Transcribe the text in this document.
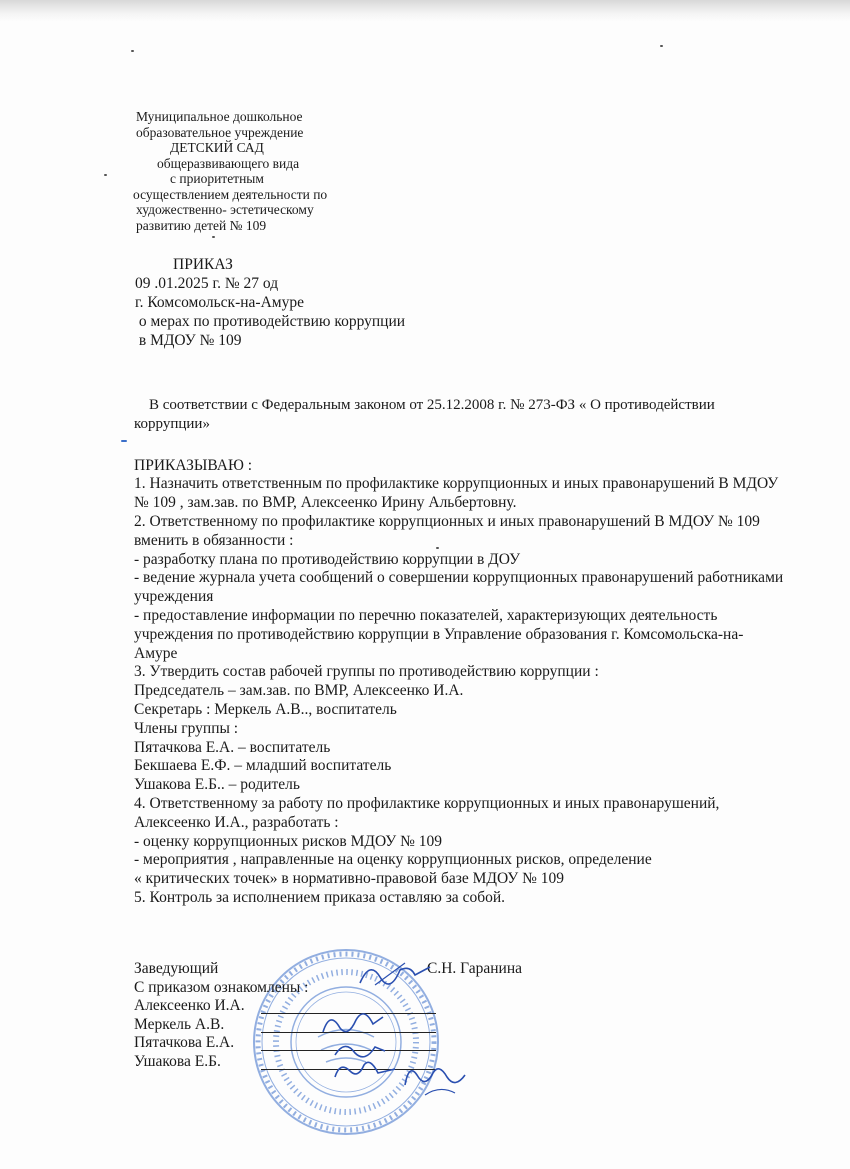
Муниципальное дошкольное
образовательное учреждение
ДЕТСКИЙ САД
общеразвивающего вида
с приоритетным
осуществлением деятельности по
художественно- эстетическому
развитию детей № 109
ПРИКАЗ
09 .01.2025 г. № 27 од
г. Комсомольск-на-Амуре
о мерах по противодействию коррупции
в МДОУ № 109

В соответствии с Федеральным законом от 25.12.2008 г. № 273-ФЗ « О противодействии коррупции»

ПРИКАЗЫВАЮ :

1. Назначить ответственным по профилактике коррупционных и иных правонарушений В МДОУ № 109 , зам.зав. по ВМР, Алексеенко Ирину Альбертовну.

2. Ответственному по профилактике коррупционных и иных правонарушений В МДОУ № 109 вменить в обязанности :

- разработку плана по противодействию коррупции в ДОУ

- ведение журнала учета сообщений о совершении коррупционных правонарушений работниками учреждения

- предоставление информации по перечню показателей, характеризующих деятельность учреждения по противодействию коррупции в Управление образования г. Комсомольска-на-Амуре

3. Утвердить состав рабочей группы по противодействию коррупции :

Председатель – зам.зав. по ВМР, Алексеенко И.А.

Секретарь : Меркель А.В.., воспитатель

Члены группы :

Пятачкова Е.А. – воспитатель

Бекшаева Е.Ф. – младший воспитатель

Ушакова Е.Б.. – родитель

4. Ответственному за работу по профилактике коррупционных и иных правонарушений, Алексеенко И.А., разработать :

- оценку коррупционных рисков МДОУ № 109

- мероприятия , направленные на оценку коррупционных рисков, определение

« критических точек» в нормативно-правовой базе МДОУ № 109

5. Контроль за исполнением приказа оставляю за собой.

Заведующий	С.Н. Гаранина
С приказом ознакомлены :
Алексеенко И.А.
Меркель А.В.
Пятачкова Е.А.
Ушакова Е.Б.
